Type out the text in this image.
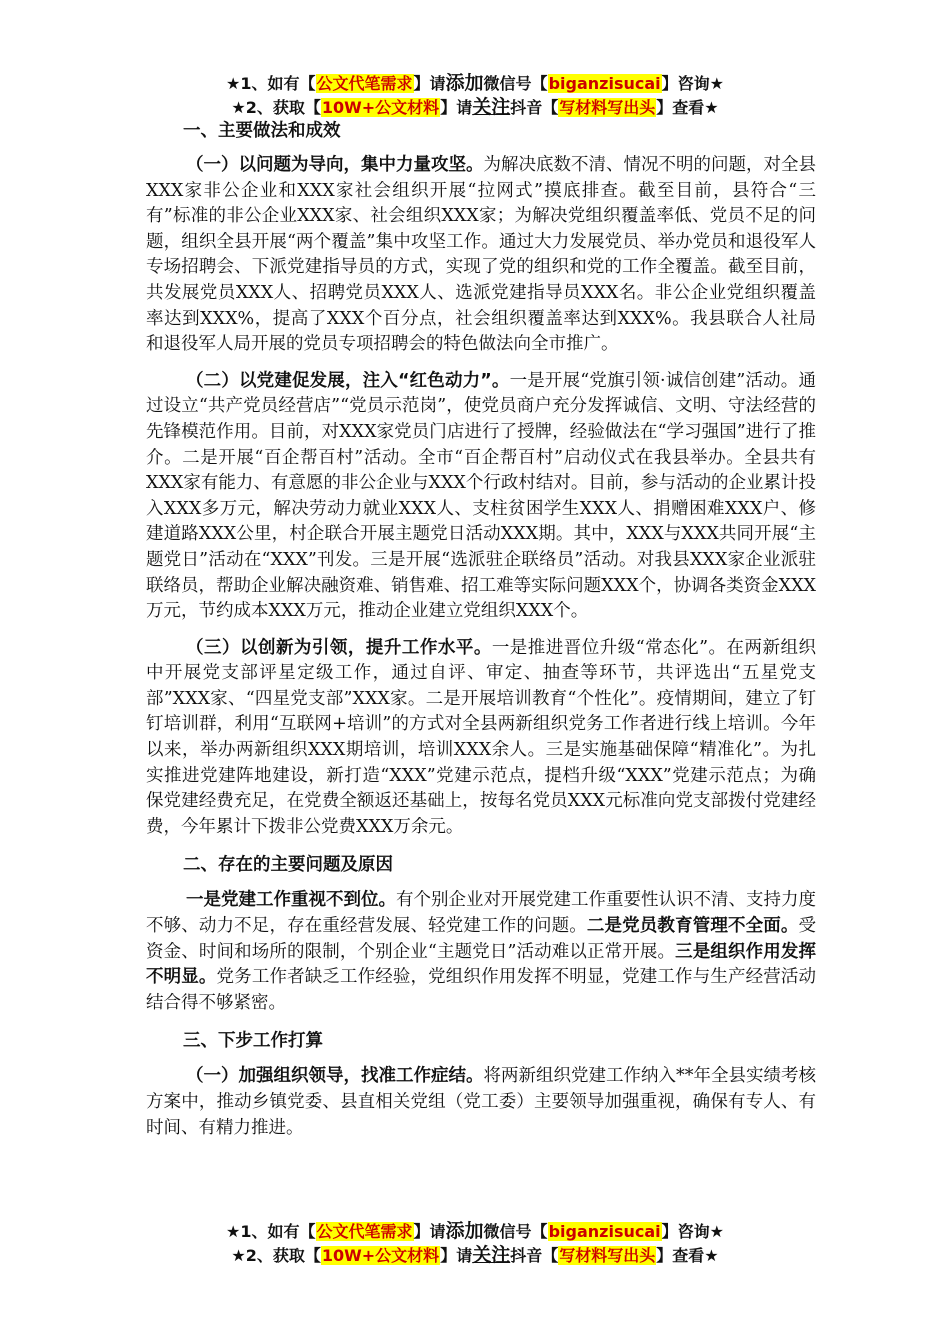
★1、如有【公文代笔需求】请添加微信号【biganzisucai】咨询★
★2、获取【10W+公文材料】请关注抖音【写材料写出头】查看★

一、主要做法和成效

（一）以问题为导向，集中力量攻坚。为解决底数不清、情况不明的问题，对全县XXX家非公企业和XXX家社会组织开展“拉网式”摸底排查。截至目前，县符合“三有”标准的非公企业XXX家、社会组织XXX家；为解决党组织覆盖率低、党员不足的问题，组织全县开展“两个覆盖”集中攻坚工作。通过大力发展党员、举办党员和退役军人专场招聘会、下派党建指导员的方式，实现了党的组织和党的工作全覆盖。截至目前，共发展党员XXX人、招聘党员XXX人、选派党建指导员XXX名。非公企业党组织覆盖率达到XXX%，提高了XXX个百分点，社会组织覆盖率达到XXX%。我县联合人社局和退役军人局开展的党员专项招聘会的特色做法向全市推广。

（二）以党建促发展，注入“红色动力”。一是开展“党旗引领·诚信创建”活动。通过设立“共产党员经营店”“党员示范岗”，使党员商户充分发挥诚信、文明、守法经营的先锋模范作用。目前，对XXX家党员门店进行了授牌，经验做法在“学习强国”进行了推介。二是开展“百企帮百村”活动。全市“百企帮百村”启动仪式在我县举办。全县共有XXX家有能力、有意愿的非公企业与XXX个行政村结对。目前，参与活动的企业累计投入XXX多万元，解决劳动力就业XXX人、支柱贫困学生XXX人、捐赠困难XXX户、修建道路XXX公里，村企联合开展主题党日活动XXX期。其中，XXX与XXX共同开展“主题党日”活动在“XXX”刊发。三是开展“选派驻企联络员”活动。对我县XXX家企业派驻联络员，帮助企业解决融资难、销售难、招工难等实际问题XXX个，协调各类资金XXX万元，节约成本XXX万元，推动企业建立党组织XXX个。

（三）以创新为引领，提升工作水平。一是推进晋位升级“常态化”。在两新组织中开展党支部评星定级工作，通过自评、审定、抽查等环节，共评选出“五星党支部”XXX家、“四星党支部”XXX家。二是开展培训教育“个性化”。疫情期间，建立了钉钉培训群，利用“互联网+培训”的方式对全县两新组织党务工作者进行线上培训。今年以来，举办两新组织XXX期培训，培训XXX余人。三是实施基础保障“精准化”。为扎实推进党建阵地建设，新打造“XXX”党建示范点，提档升级“XXX”党建示范点；为确保党建经费充足，在党费全额返还基础上，按每名党员XXX元标准向党支部拨付党建经费，今年累计下拨非公党费XXX万余元。

二、存在的主要问题及原因

一是党建工作重视不到位。有个别企业对开展党建工作重要性认识不清、支持力度不够、动力不足，存在重经营发展、轻党建工作的问题。二是党员教育管理不全面。受资金、时间和场所的限制，个别企业“主题党日”活动难以正常开展。三是组织作用发挥不明显。党务工作者缺乏工作经验，党组织作用发挥不明显，党建工作与生产经营活动结合得不够紧密。

三、下步工作打算

（一）加强组织领导，找准工作症结。将两新组织党建工作纳入**年全县实绩考核方案中，推动乡镇党委、县直相关党组（党工委）主要领导加强重视，确保有专人、有时间、有精力推进。

★1、如有【公文代笔需求】请添加微信号【biganzisucai】咨询★
★2、获取【10W+公文材料】请关注抖音【写材料写出头】查看★
